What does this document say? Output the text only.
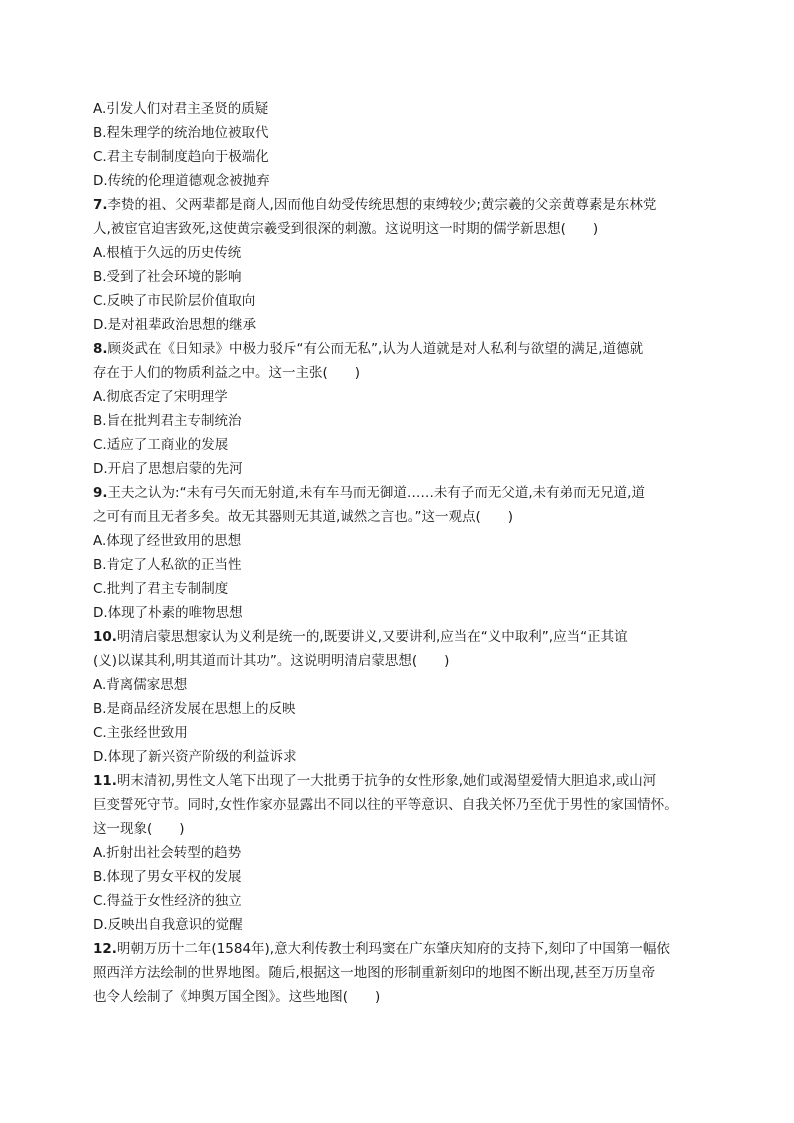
A.引发人们对君主圣贤的质疑
B.程朱理学的统治地位被取代
C.君主专制制度趋向于极端化
D.传统的伦理道德观念被抛弃
7.李贽的祖、父两辈都是商人,因而他自幼受传统思想的束缚较少;黄宗羲的父亲黄尊素是东林党
人,被宦官迫害致死,这使黄宗羲受到很深的刺激。这说明这一时期的儒学新思想(　　)
A.根植于久远的历史传统
B.受到了社会环境的影响
C.反映了市民阶层价值取向
D.是对祖辈政治思想的继承
8.顾炎武在《日知录》中极力驳斥“有公而无私”,认为人道就是对人私利与欲望的满足,道德就
存在于人们的物质利益之中。这一主张(　　)
A.彻底否定了宋明理学
B.旨在批判君主专制统治
C.适应了工商业的发展
D.开启了思想启蒙的先河
9.王夫之认为:“未有弓矢而无射道,未有车马而无御道……未有子而无父道,未有弟而无兄道,道
之可有而且无者多矣。故无其器则无其道,诚然之言也。”这一观点(　　)
A.体现了经世致用的思想
B.肯定了人私欲的正当性
C.批判了君主专制制度
D.体现了朴素的唯物思想
10.明清启蒙思想家认为义利是统一的,既要讲义,又要讲利,应当在“义中取利”,应当“正其谊
(义)以谋其利,明其道而计其功”。这说明明清启蒙思想(　　)
A.背离儒家思想
B.是商品经济发展在思想上的反映
C.主张经世致用
D.体现了新兴资产阶级的利益诉求
11.明末清初,男性文人笔下出现了一大批勇于抗争的女性形象,她们或渴望爱情大胆追求,或山河
巨变誓死守节。同时,女性作家亦显露出不同以往的平等意识、自我关怀乃至优于男性的家国情怀。
这一现象(　　)
A.折射出社会转型的趋势
B.体现了男女平权的发展
C.得益于女性经济的独立
D.反映出自我意识的觉醒
12.明朝万历十二年(1584年),意大利传教士利玛窦在广东肇庆知府的支持下,刻印了中国第一幅依
照西洋方法绘制的世界地图。随后,根据这一地图的形制重新刻印的地图不断出现,甚至万历皇帝
也令人绘制了《坤舆万国全图》。这些地图(　　)
